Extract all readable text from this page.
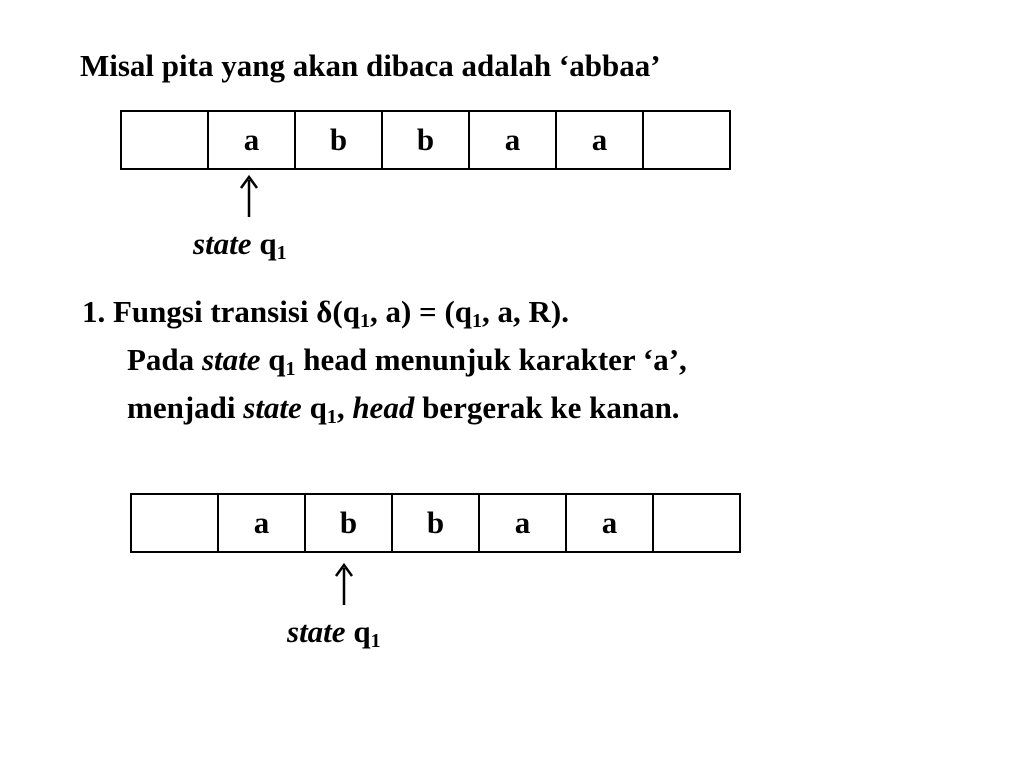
Misal pita yang akan dibaca adalah ‘abbaa’
a	b	b	a	a
state $q_1$
1. Fungsi transisi $\delta(q_1$, $a) = (q_1$, a, R).
Pada state $q_1$ head menunjuk karakter ‘a’,
menjadi state $q_1$, head bergerak ke kanan.
a	b	b	a	a
state $q_1$
